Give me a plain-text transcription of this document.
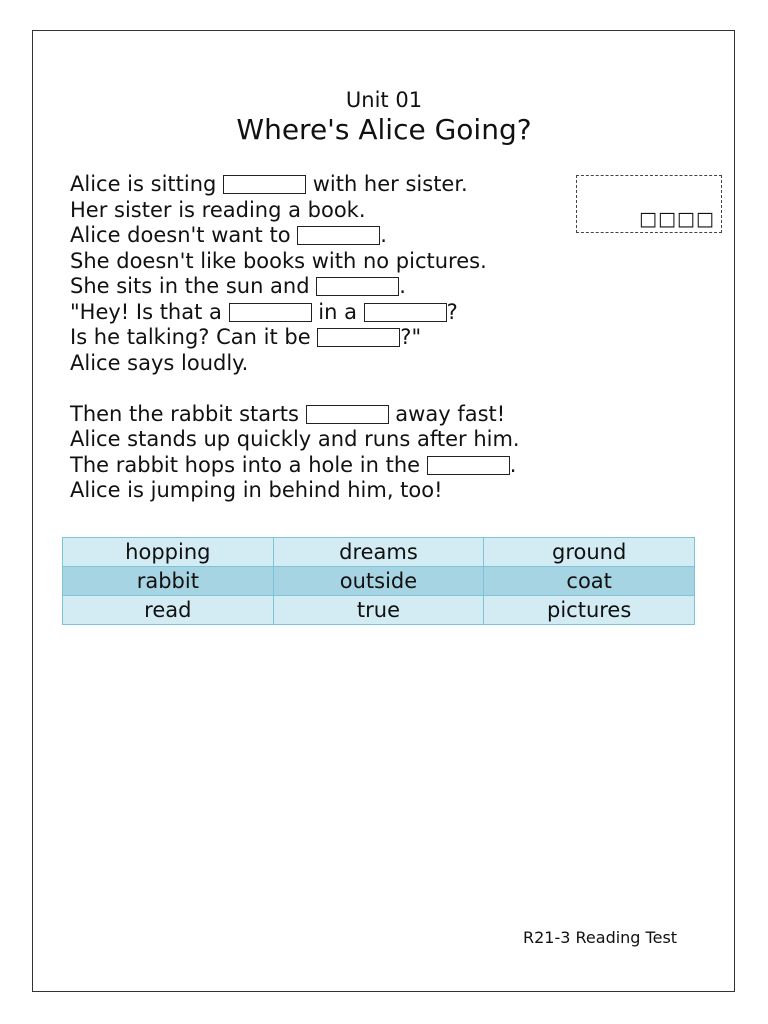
Unit 01
Where's Alice Going?
□□□□
Alice is sitting	with her sister.
Her sister is reading a book.
Alice doesn't want to	.
She doesn't like books with no pictures.
She sits in the sun and	.
"Hey! Is that a	in a	?
Is he talking? Can it be	?"
Alice says loudly.
Then the rabbit starts	away fast!
Alice stands up quickly and runs after him.
The rabbit hops into a hole in the	.
Alice is jumping in behind him, too!
hopping	dreams	ground
rabbit	outside	coat
read	true	pictures
R21-3 Reading Test
